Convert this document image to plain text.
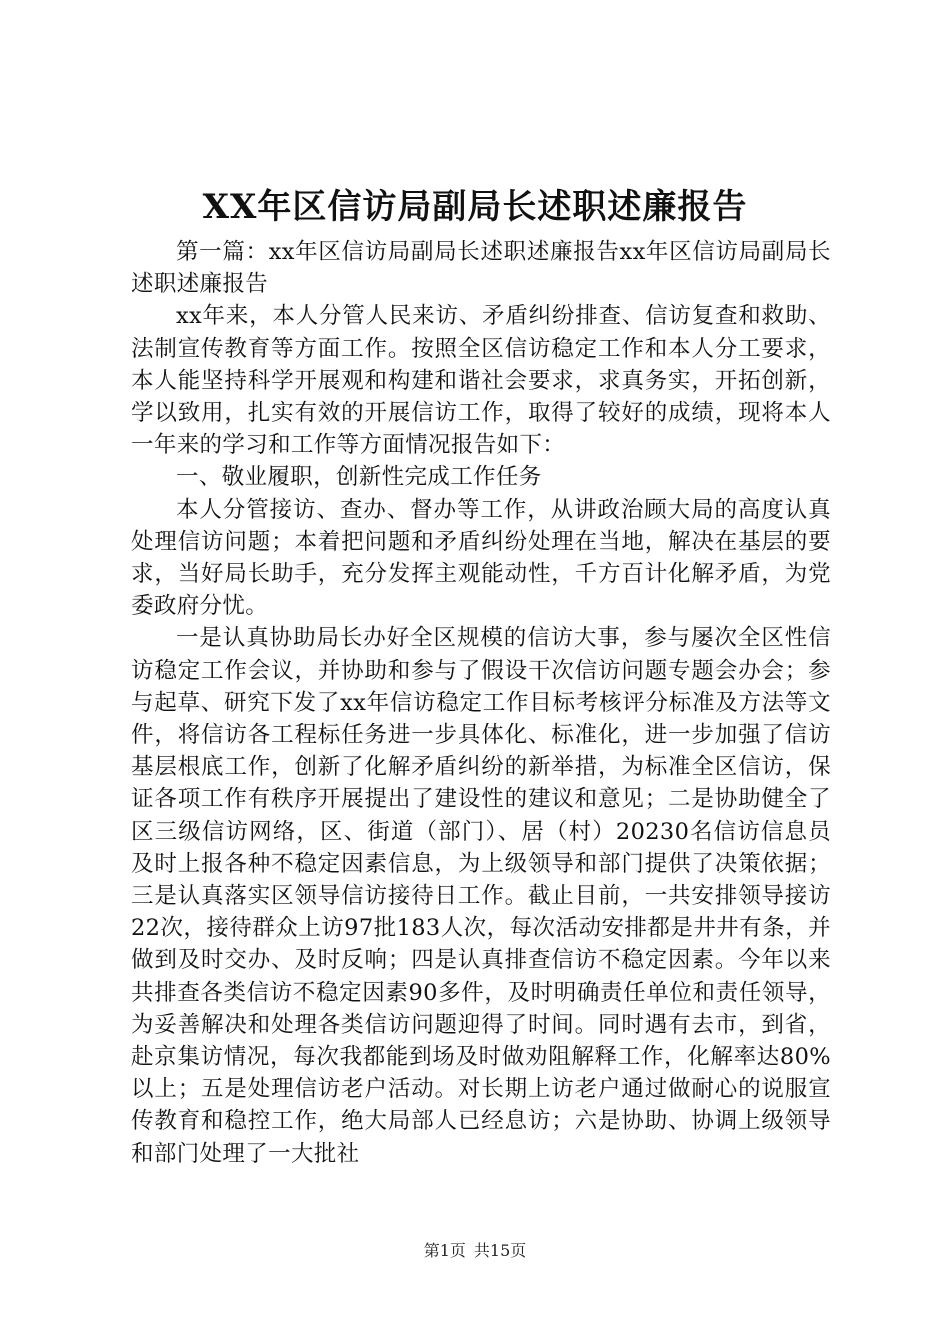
XX年区信访局副局长述职述廉报告

第一篇：xx年区信访局副局长述职述廉报告xx年区信访局副局长述职述廉报告

xx年来，本人分管人民来访、矛盾纠纷排查、信访复查和救助、法制宣传教育等方面工作。按照全区信访稳定工作和本人分工要求，本人能坚持科学开展观和构建和谐社会要求，求真务实，开拓创新，学以致用，扎实有效的开展信访工作，取得了较好的成绩，现将本人一年来的学习和工作等方面情况报告如下：

一、敬业履职，创新性完成工作任务

本人分管接访、查办、督办等工作，从讲政治顾大局的高度认真处理信访问题；本着把问题和矛盾纠纷处理在当地，解决在基层的要求，当好局长助手，充分发挥主观能动性，千方百计化解矛盾，为党委政府分忧。

一是认真协助局长办好全区规模的信访大事，参与屡次全区性信访稳定工作会议，并协助和参与了假设干次信访问题专题会办会；参与起草、研究下发了xx年信访稳定工作目标考核评分标准及方法等文件，将信访各工程标任务进一步具体化、标准化，进一步加强了信访基层根底工作，创新了化解矛盾纠纷的新举措，为标准全区信访，保证各项工作有秩序开展提出了建设性的建议和意见；二是协助健全了区三级信访网络，区、街道（部门）、居（村）20230名信访信息员及时上报各种不稳定因素信息，为上级领导和部门提供了决策依据；三是认真落实区领导信访接待日工作。截止目前，一共安排领导接访22次，接待群众上访97批183人次，每次活动安排都是井井有条，并做到及时交办、及时反响；四是认真排查信访不稳定因素。今年以来共排查各类信访不稳定因素90多件，及时明确责任单位和责任领导，为妥善解决和处理各类信访问题迎得了时间。同时遇有去市，到省，赴京集访情况，每次我都能到场及时做劝阻解释工作，化解率达80%以上；五是处理信访老户活动。对长期上访老户通过做耐心的说服宣传教育和稳控工作，绝大局部人已经息访；六是协助、协调上级领导和部门处理了一大批社

第1页 共15页
